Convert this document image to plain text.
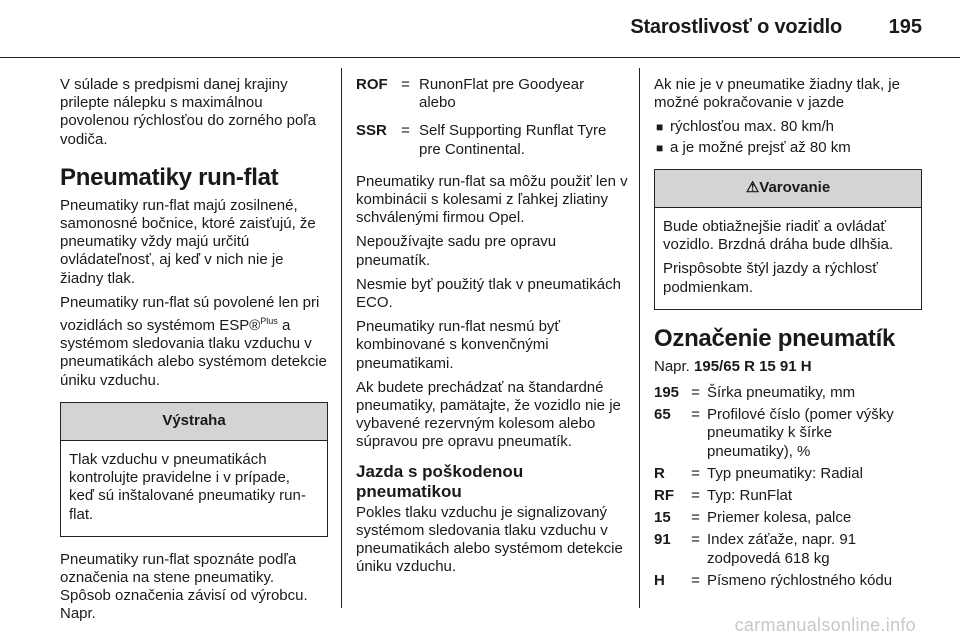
Starostlivosť o vozidlo 195

V súlade s predpismi danej krajiny prilepte nálepku s maximálnou povolenou rýchlosťou do zorného poľa vodiča.

Pneumatiky run-flat

Pneumatiky run-flat majú zosilnené, samonosné bočnice, ktoré zaisťujú, že pneumatiky vždy majú určitú ovládateľnosť, aj keď v nich nie je žiadny tlak.

Pneumatiky run-flat sú povolené len pri vozidlách so systémom ESP®$^{Plus}$ a systémom sledovania tlaku vzduchu v pneumatikách alebo systémom detekcie úniku vzduchu.

Výstraha

Tlak vzduchu v pneumatikách kontrolujte pravidelne i v prípade, keď sú inštalované pneumatiky run-flat.

Pneumatiky run-flat spoznáte podľa označenia na stene pneumatiky. Spôsob označenia závisí od výrobcu. Napr.

ROF = RunonFlat pre Goodyear alebo
SSR = Self Supporting Runflat Tyre pre Continental.

Pneumatiky run-flat sa môžu použiť len v kombinácii s kolesami z ľahkej zliatiny schválenými firmou Opel.

Nepoužívajte sadu pre opravu pneumatík.

Nesmie byť použitý tlak v pneumatikách ECO.

Pneumatiky run-flat nesmú byť kombinované s konvenčnými pneumatikami.

Ak budete prechádzať na štandardné pneumatiky, pamätajte, že vozidlo nie je vybavené rezervným kolesom alebo súpravou pre opravu pneumatík.

Jazda s poškodenou pneumatikou

Pokles tlaku vzduchu je signalizovaný systémom sledovania tlaku vzduchu v pneumatikách alebo systémom detekcie úniku vzduchu.

Ak nie je v pneumatike žiadny tlak, je možné pokračovanie v jazde

■ rýchlosťou max. 80 km/h
■ a je možné prejsť až 80 km
⚠Varovanie

Bude obtiažnejšie riadiť a ovládať vozidlo. Brzdná dráha bude dlhšia.

Prispôsobte štýl jazdy a rýchlosť podmienkam.

Označenie pneumatík

Napr. 195/65 R 15 91 H

195 = Šírka pneumatiky, mm
65	= Profilové číslo (pomer výšky pneumatiky k šírke pneumatiky), %
R	= Typ pneumatiky: Radial
RF	= Typ: RunFlat
15	= Priemer kolesa, palce
91	= Index záťaže, napr. 91 zodpovedá 618 kg
H	= Písmeno rýchlostného kódu
carmanualsonline.info
